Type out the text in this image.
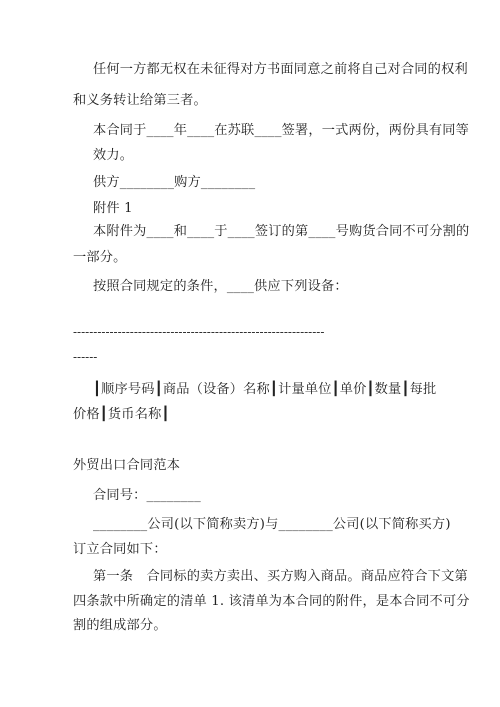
任何一方都无权在未征得对方书面同意之前将自己对合同的权利
和义务转让给第三者。
本合同于____年____在苏联____签署，一式两份，两份具有同等
效力。
供方________购方________
附件 1
本附件为____和____于____签订的第____号购货合同不可分割的
一部分。
按照合同规定的条件，____供应下列设备：
--------------------------------------------------------------
------
┃顺序号码┃商品（设备）名称┃计量单位┃单价┃数量┃每批
价格┃货币名称┃
外贸出口合同范本
合同号：________
________公司(以下简称卖方)与________公司(以下简称买方)
订立合同如下：
第一条　合同标的卖方卖出、买方购入商品。商品应符合下文第
四条款中所确定的清单 1. 该清单为本合同的附件，是本合同不可分
割的组成部分。
